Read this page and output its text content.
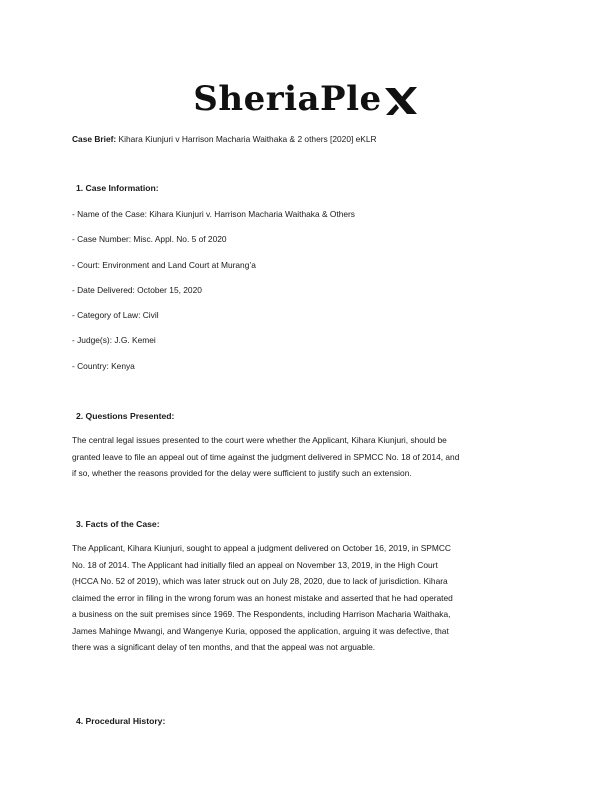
SheriaPle
Case Brief: Kihara Kiunjuri v Harrison Macharia Waithaka & 2 others [2020] eKLR
1. Case Information:
- Name of the Case: Kihara Kiunjuri v. Harrison Macharia Waithaka & Others
- Case Number: Misc. Appl. No. 5 of 2020
- Court: Environment and Land Court at Murang’a
- Date Delivered: October 15, 2020
- Category of Law: Civil
- Judge(s): J.G. Kemei
- Country: Kenya
2. Questions Presented:
The central legal issues presented to the court were whether the Applicant, Kihara Kiunjuri, should be
granted leave to file an appeal out of time against the judgment delivered in SPMCC No. 18 of 2014, and
if so, whether the reasons provided for the delay were sufficient to justify such an extension.
3. Facts of the Case:
The Applicant, Kihara Kiunjuri, sought to appeal a judgment delivered on October 16, 2019, in SPMCC
No. 18 of 2014. The Applicant had initially filed an appeal on November 13, 2019, in the High Court
(HCCA No. 52 of 2019), which was later struck out on July 28, 2020, due to lack of jurisdiction. Kihara
claimed the error in filing in the wrong forum was an honest mistake and asserted that he had operated
a business on the suit premises since 1969. The Respondents, including Harrison Macharia Waithaka,
James Mahinge Mwangi, and Wangenye Kuria, opposed the application, arguing it was defective, that
there was a significant delay of ten months, and that the appeal was not arguable.
4. Procedural History:
